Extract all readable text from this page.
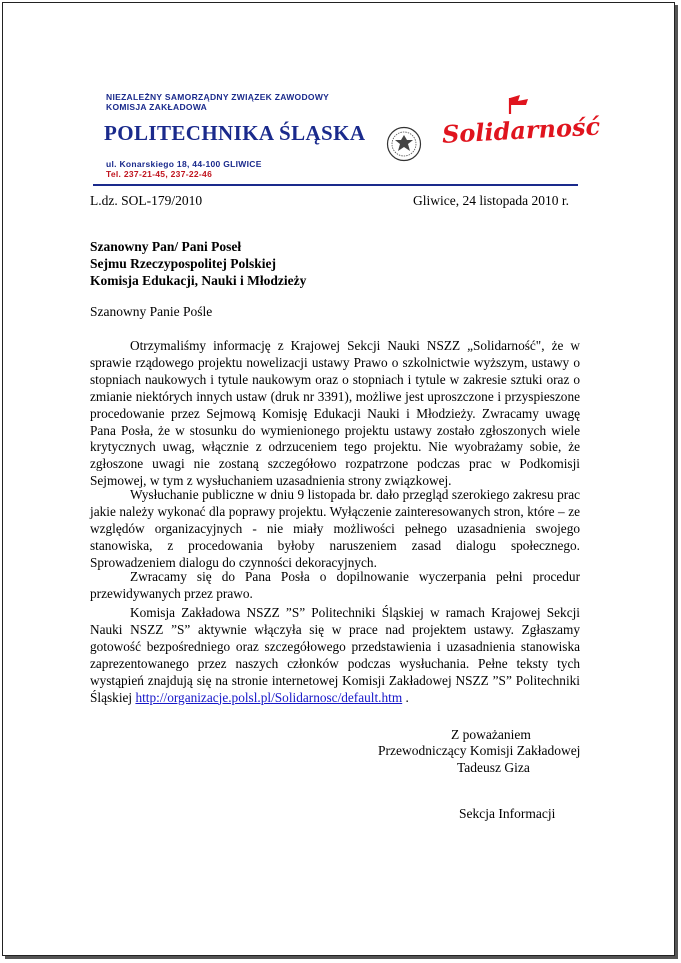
NIEZALEŻNY SAMORZĄDNY ZWIĄZEK ZAWODOWY
KOMISJA ZAKŁADOWA
POLITECHNIKA ŚLĄSKA
ul. Konarskiego 18, 44-100 GLIWICE
Tel. 237-21-45, 237-22-46
Solidarność
L.dz. SOL-179/2010	Gliwice, 24 listopada 2010 r.
Szanowny Pan/ Pani Poseł
Sejmu Rzeczypospolitej Polskiej
Komisja Edukacji, Nauki i Młodzieży
Szanowny Panie Pośle

Otrzymaliśmy informację z Krajowej Sekcji Nauki NSZZ „Solidarność", że w sprawie rządowego projektu nowelizacji ustawy Prawo o szkolnictwie wyższym, ustawy o stopniach naukowych i tytule naukowym oraz o stopniach i tytule w zakresie sztuki oraz o zmianie niektórych innych ustaw (druk nr 3391), możliwe jest uproszczone i przyspieszone procedowanie przez Sejmową Komisję Edukacji Nauki i Młodzieży. Zwracamy uwagę Pana Posła, że w stosunku do wymienionego projektu ustawy zostało zgłoszonych wiele krytycznych uwag, włącznie z odrzuceniem tego projektu. Nie wyobrażamy sobie, że zgłoszone uwagi nie zostaną szczegółowo rozpatrzone podczas prac w Podkomisji Sejmowej, w tym z wysłuchaniem uzasadnienia strony związkowej.

Wysłuchanie publiczne w dniu 9 listopada br. dało przegląd szerokiego zakresu prac jakie należy wykonać dla poprawy projektu. Wyłączenie zainteresowanych stron, które – ze względów organizacyjnych - nie miały możliwości pełnego uzasadnienia swojego stanowiska, z procedowania byłoby naruszeniem zasad dialogu społecznego. Sprowadzeniem dialogu do czynności dekoracyjnych.

Zwracamy się do Pana Posła o dopilnowanie wyczerpania pełni procedur przewidywanych przez prawo.

Komisja Zakładowa NSZZ ”S” Politechniki Śląskiej w ramach Krajowej Sekcji Nauki NSZZ ”S” aktywnie włączyła się w prace nad projektem ustawy. Zgłaszamy gotowość bezpośredniego oraz szczegółowego przedstawienia i uzasadnienia stanowiska zaprezentowanego przez naszych członków podczas wysłuchania. Pełne teksty tych wystąpień znajdują się na stronie internetowej Komisji Zakładowej NSZZ ”S” Politechniki Śląskiej http://organizacje.polsl.pl/Solidarnosc/default.htm .

Z poważaniem
Przewodniczący Komisji Zakładowej
Tadeusz Giza
Sekcja Informacji
